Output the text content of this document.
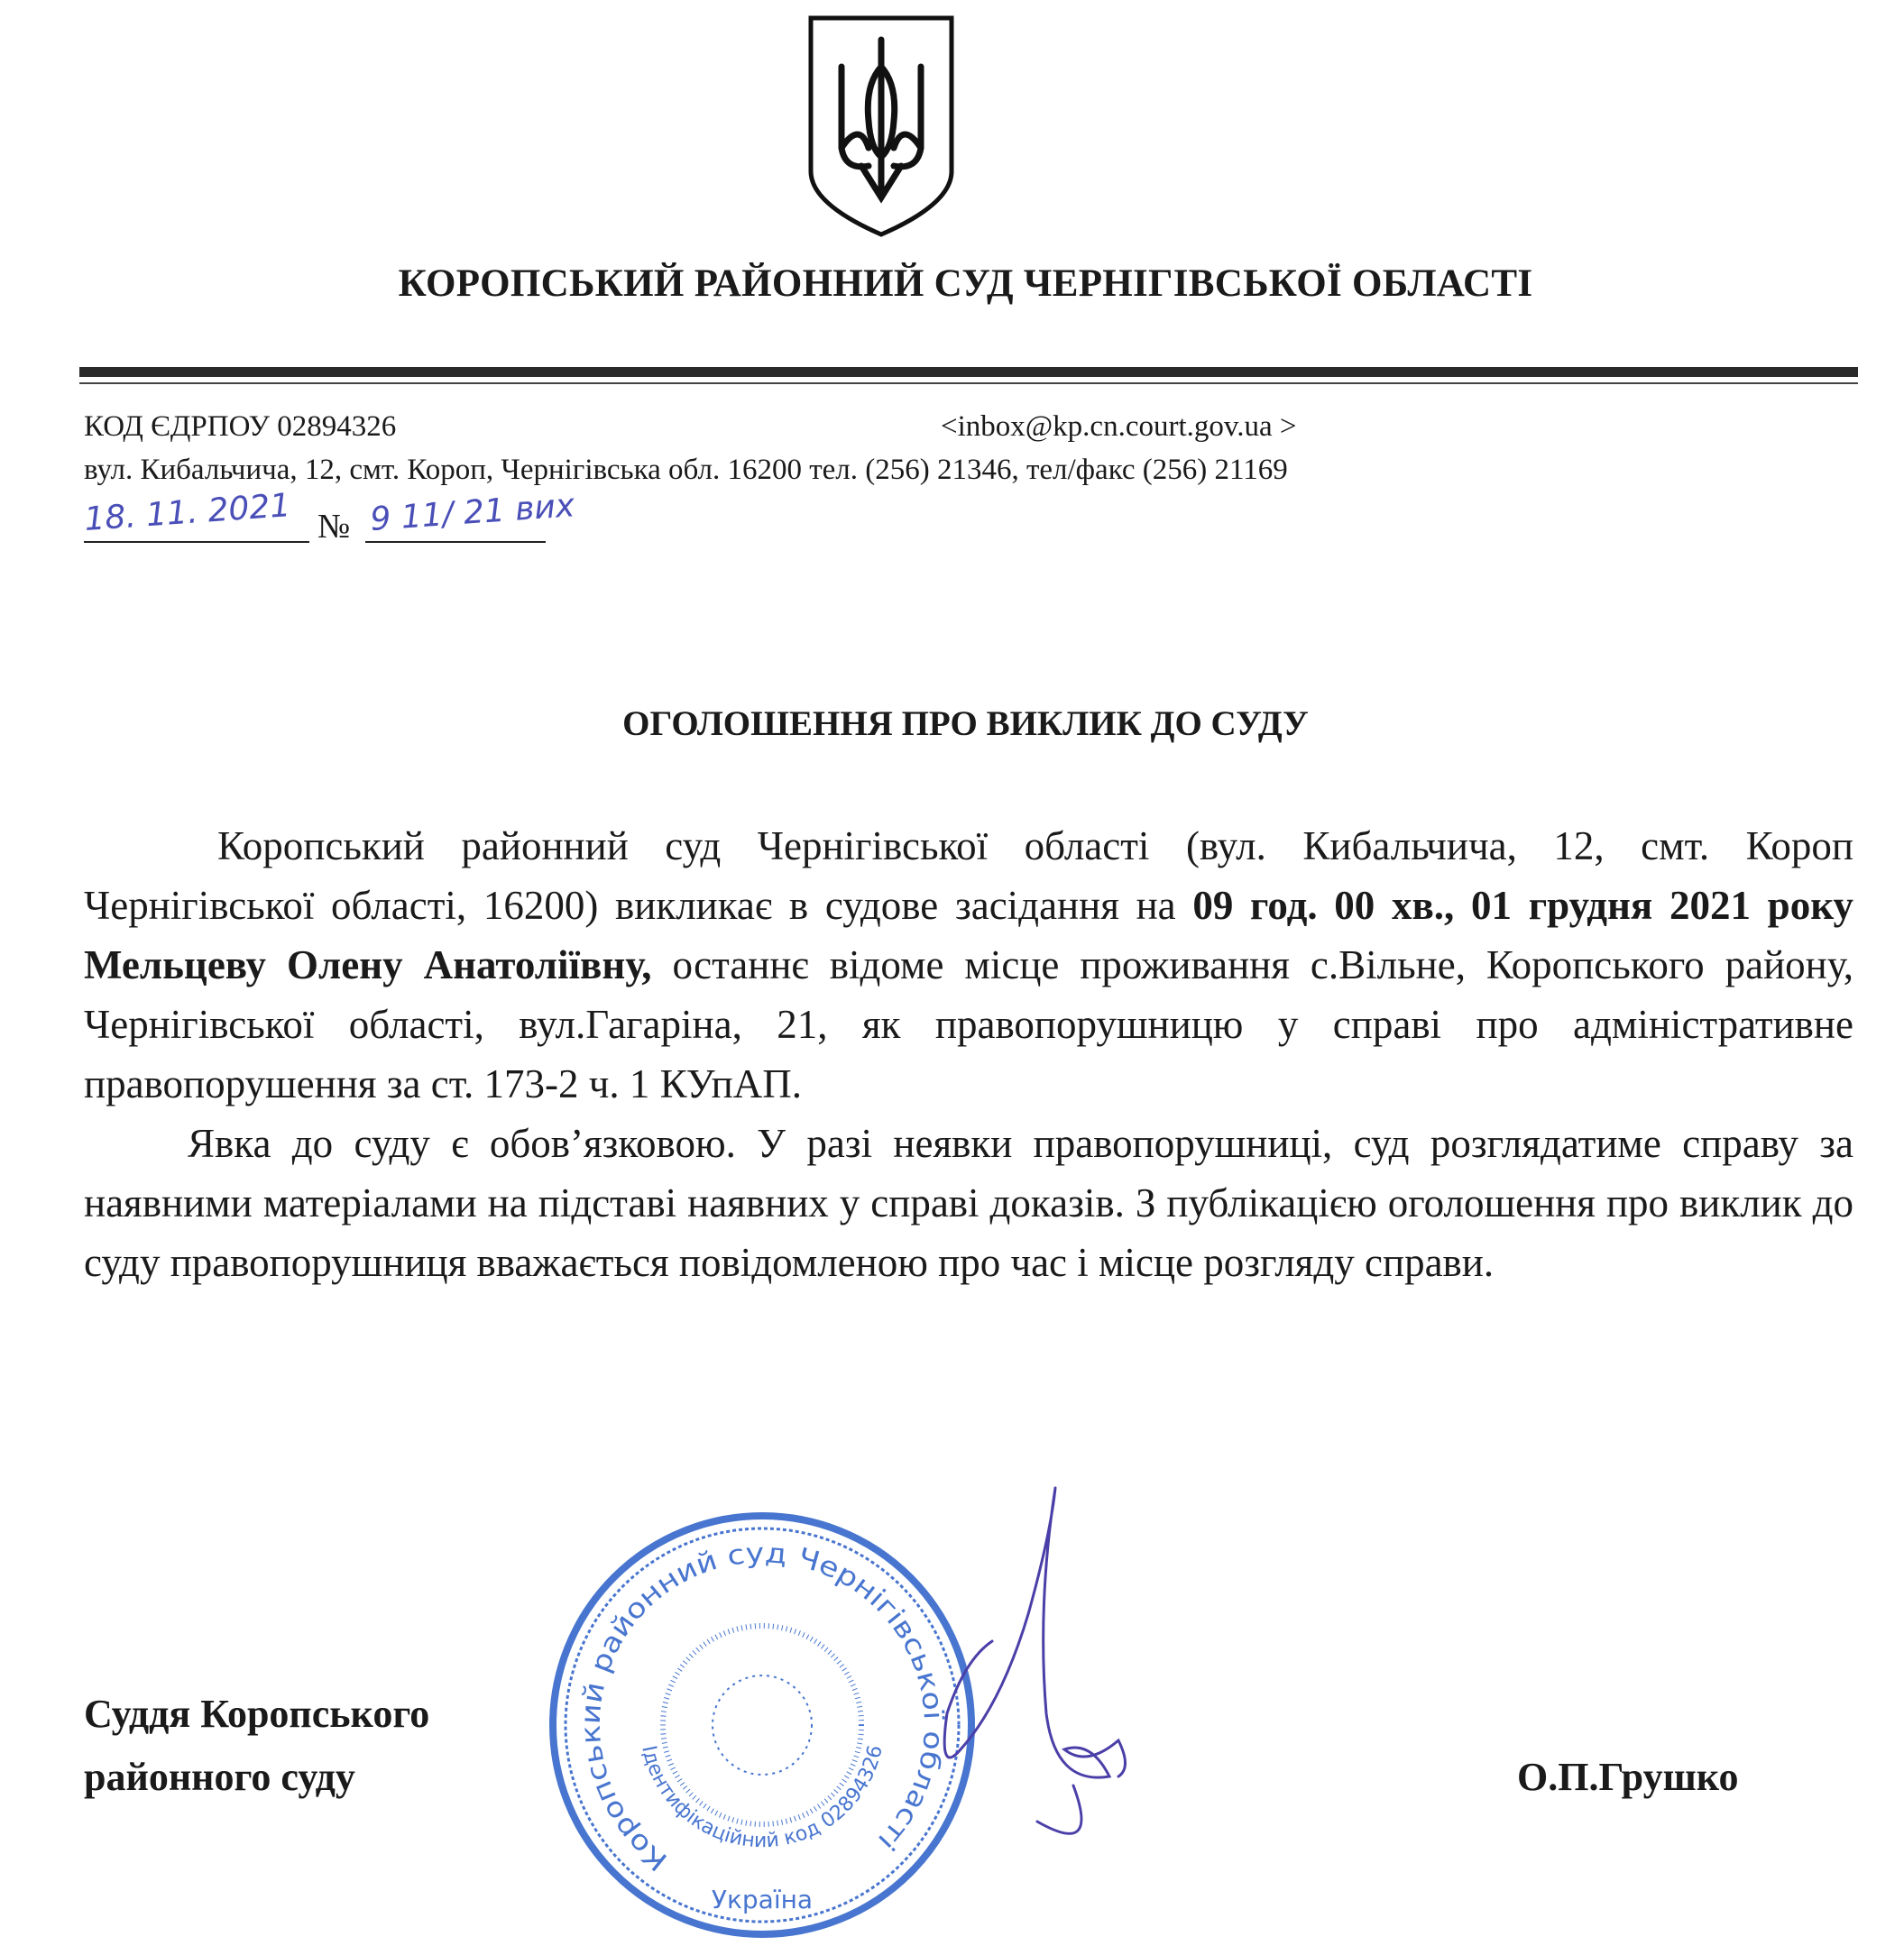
КОРОПСЬКИЙ РАЙОННИЙ СУД ЧЕРНІГІВСЬКОЇ ОБЛАСТІ
КОД ЄДРПОУ 02894326	<inbox@kp.cn.court.gov.ua >
вул. Кибальчича, 12, смт. Короп, Чернігівська обл. 16200 тел. (256) 21346, тел/факс (256) 21169
18. 11. 2021 № 9 11/ 21 вих
ОГОЛОШЕННЯ ПРО ВИКЛИК ДО СУДУ

Коропський районний суд Чернігівської області (вул. Кибальчича, 12, смт. Короп Чернігівської області, 16200) викликає в судове засідання на 09 год. 00 хв., 01 грудня 2021 року Мельцеву Олену Анатоліївну, останнє відоме місце проживання с.Вільне, Коропського району, Чернігівської області, вул.Гагаріна, 21, як правопорушницю у справі про адміністративне правопорушення за ст. 173-2 ч. 1 КУпАП.

Явка до суду є обов’язковою. У разі неявки правопорушниці, суд розглядатиме справу за наявними матеріалами на підставі наявних у справі доказів. З публікацією оголошення про виклик до суду правопорушниця вважається повідомленою про час і місце розгляду справи.

Суддя Коропського
районного суду	О.П.Грушко
Коропський районний суд Чернігівської області
Ідентифікаційний код 02894326
Україна
